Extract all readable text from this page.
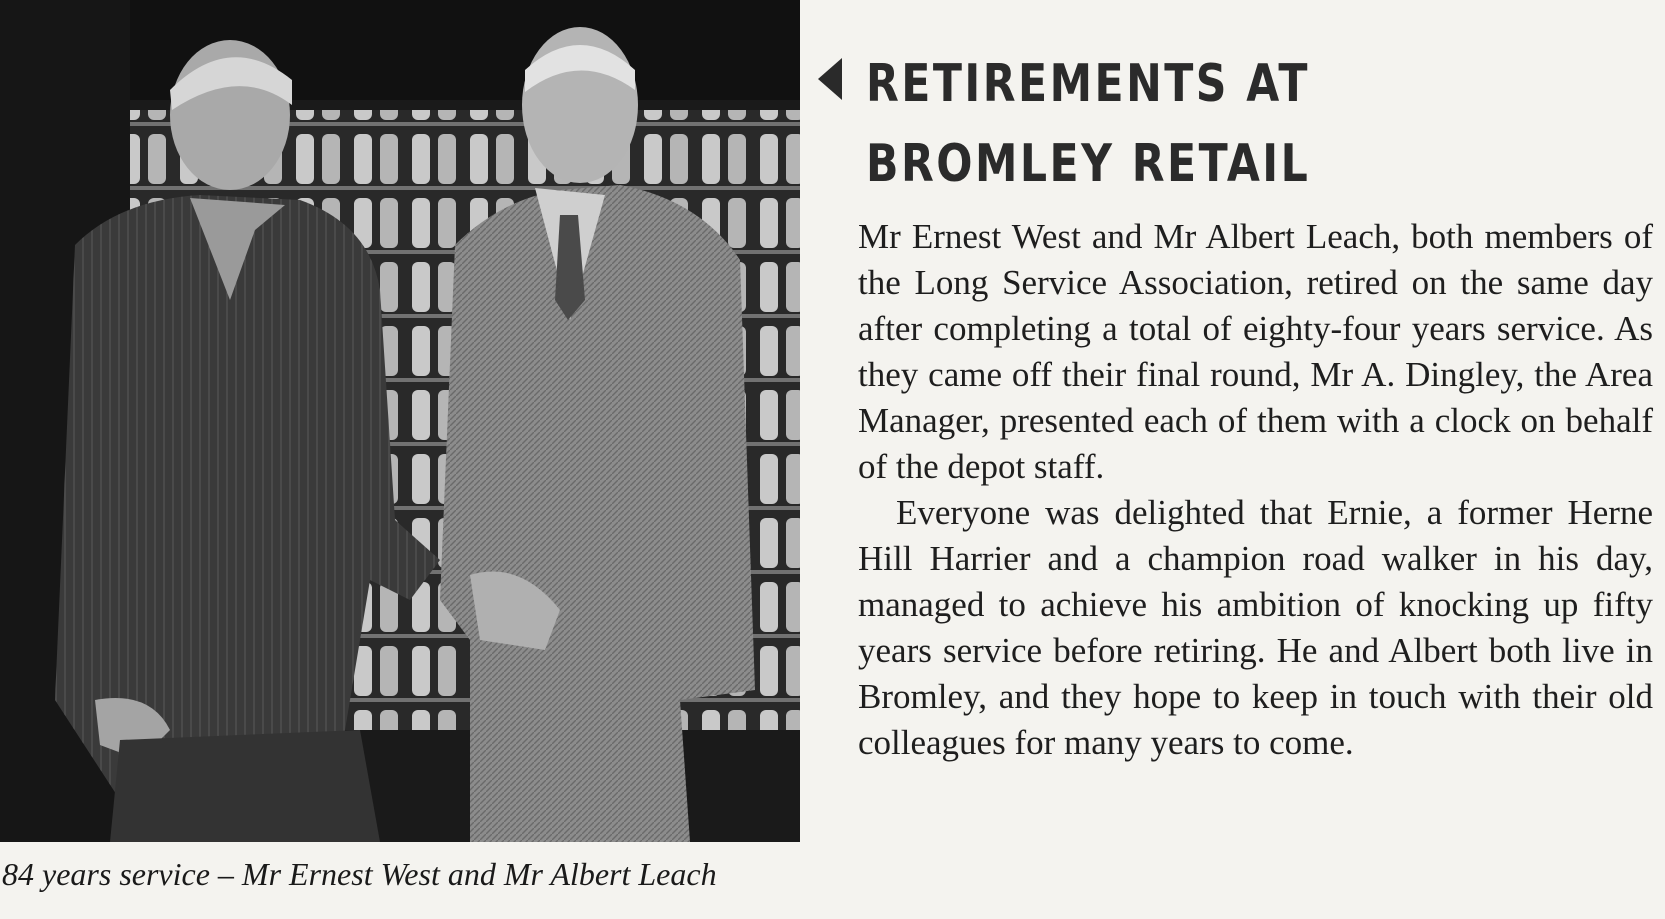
84 years service – Mr Ernest West and Mr Albert Leach
RETIREMENTS AT
BROMLEY RETAIL

Mr Ernest West and Mr Albert Leach, both members of the Long Service Association, retired on the same day after completing a total of eighty-four years service. As they came off their final round, Mr A. Dingley, the Area Manager, presented each of them with a clock on behalf of the depot staff.

Everyone was delighted that Ernie, a former Herne Hill Harrier and a champion road walker in his day, managed to achieve his ambition of knocking up fifty years service before retiring. He and Albert both live in Bromley, and they hope to keep in touch with their old colleagues for many years to come.
